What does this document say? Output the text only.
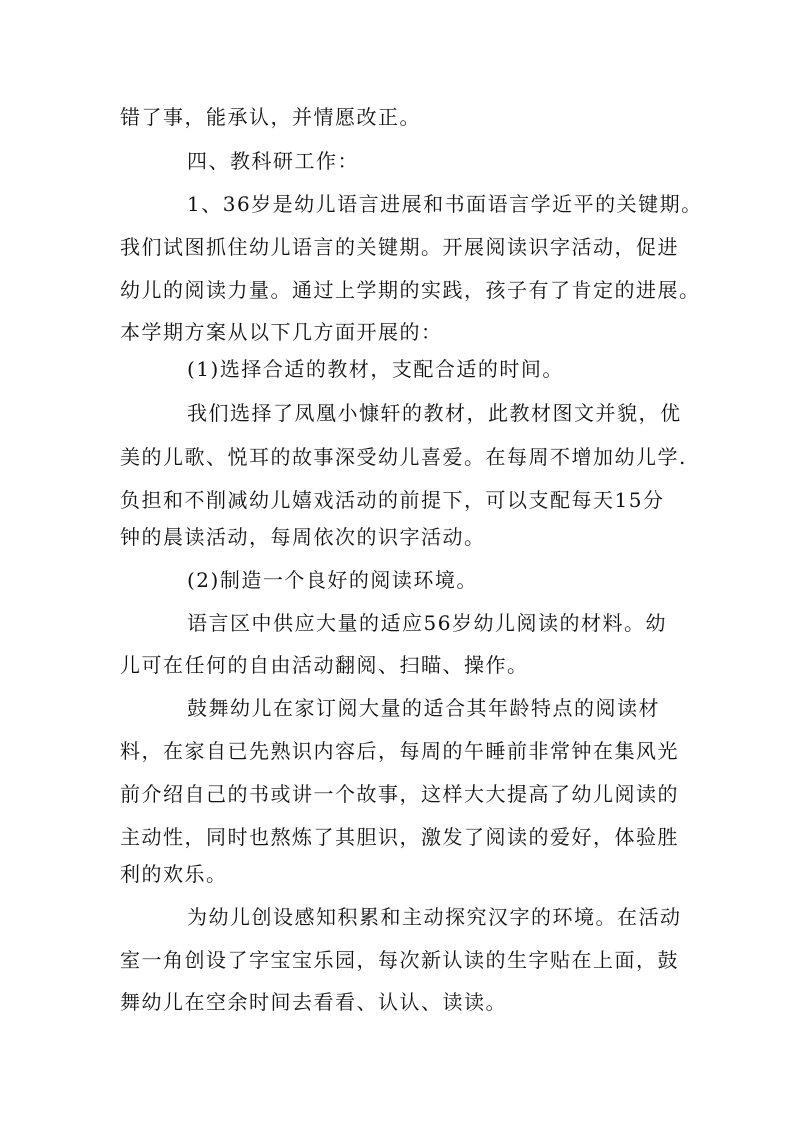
错了事，能承认，并情愿改正。
四、教科研工作：
1、36岁是幼儿语言进展和书面语言学近平的关键期。
我们试图抓住幼儿语言的关键期。开展阅读识字活动，促进
幼儿的阅读力量。通过上学期的实践，孩子有了肯定的进展。
本学期方案从以下几方面开展的：
(1)选择合适的教材，支配合适的时间。
我们选择了凤凰小慷轩的教材，此教材图文并貌，优
美的儿歌、悦耳的故事深受幼儿喜爱。在每周不增加幼儿学.
负担和不削减幼儿嬉戏活动的前提下，可以支配每天15分
钟的晨读活动，每周依次的识字活动。
(2)制造一个良好的阅读环境。
语言区中供应大量的适应56岁幼儿阅读的材料。幼
儿可在任何的自由活动翻阅、扫瞄、操作。
鼓舞幼儿在家订阅大量的适合其年龄特点的阅读材
料，在家自已先熟识内容后，每周的午睡前非常钟在集风光
前介绍自己的书或讲一个故事，这样大大提高了幼儿阅读的
主动性，同时也熬炼了其胆识，激发了阅读的爱好，体验胜
利的欢乐。
为幼儿创设感知积累和主动探究汉字的环境。在活动
室一角创设了字宝宝乐园，每次新认读的生字贴在上面，鼓
舞幼儿在空余时间去看看、认认、读读。
